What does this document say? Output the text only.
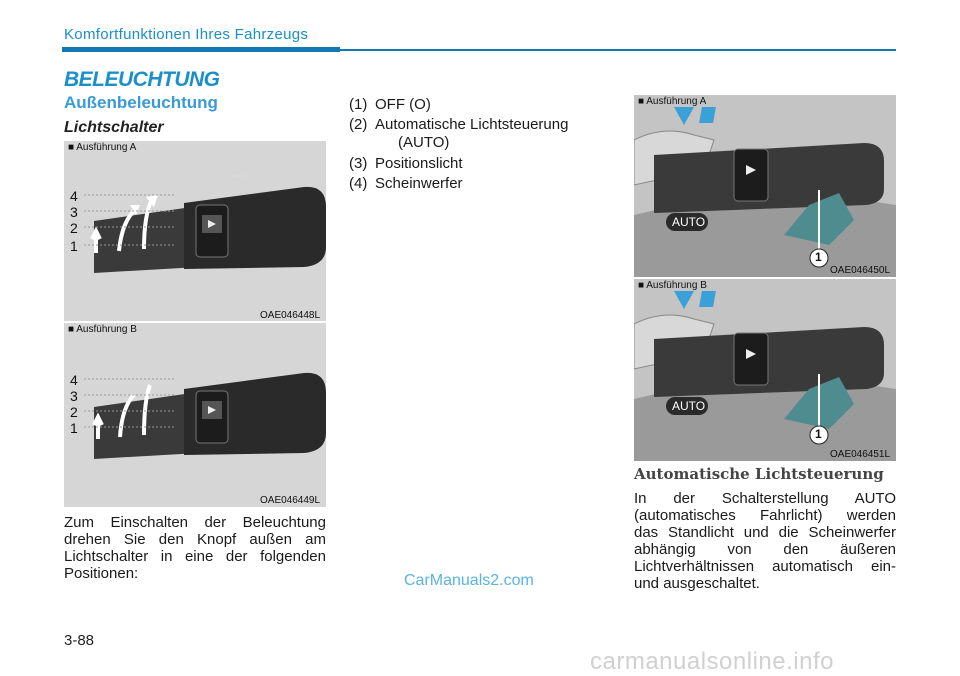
Komfortfunktionen Ihres Fahrzeugs
BELEUCHTUNG
Außenbeleuchtung
Lichtschalter
⇦⇨
4
3
2
1
■ Ausführung A
OAE046448L
4
3
2
1
■ Ausführung B
OAE046449L
Zum Einschalten der Beleuchtung
drehen Sie den Knopf außen am
Lichtschalter in eine der folgenden
Positionen:
(1) OFF (O)
(2) Automatische Lichtsteuerung
(AUTO)
(3) Positionslicht
(4) Scheinwerfer
AUTO
1
■ Ausführung A
OAE046450L
AUTO
1
■ Ausführung B
OAE046451L
Automatische Lichtsteuerung
In der Schalterstellung AUTO
(automatisches Fahrlicht) werden
das Standlicht und die Scheinwerfer
abhängig von den äußeren
Lichtverhältnissen automatisch ein-
und ausgeschaltet.
CarManuals2.com
3-88
carmanualsonline.info
